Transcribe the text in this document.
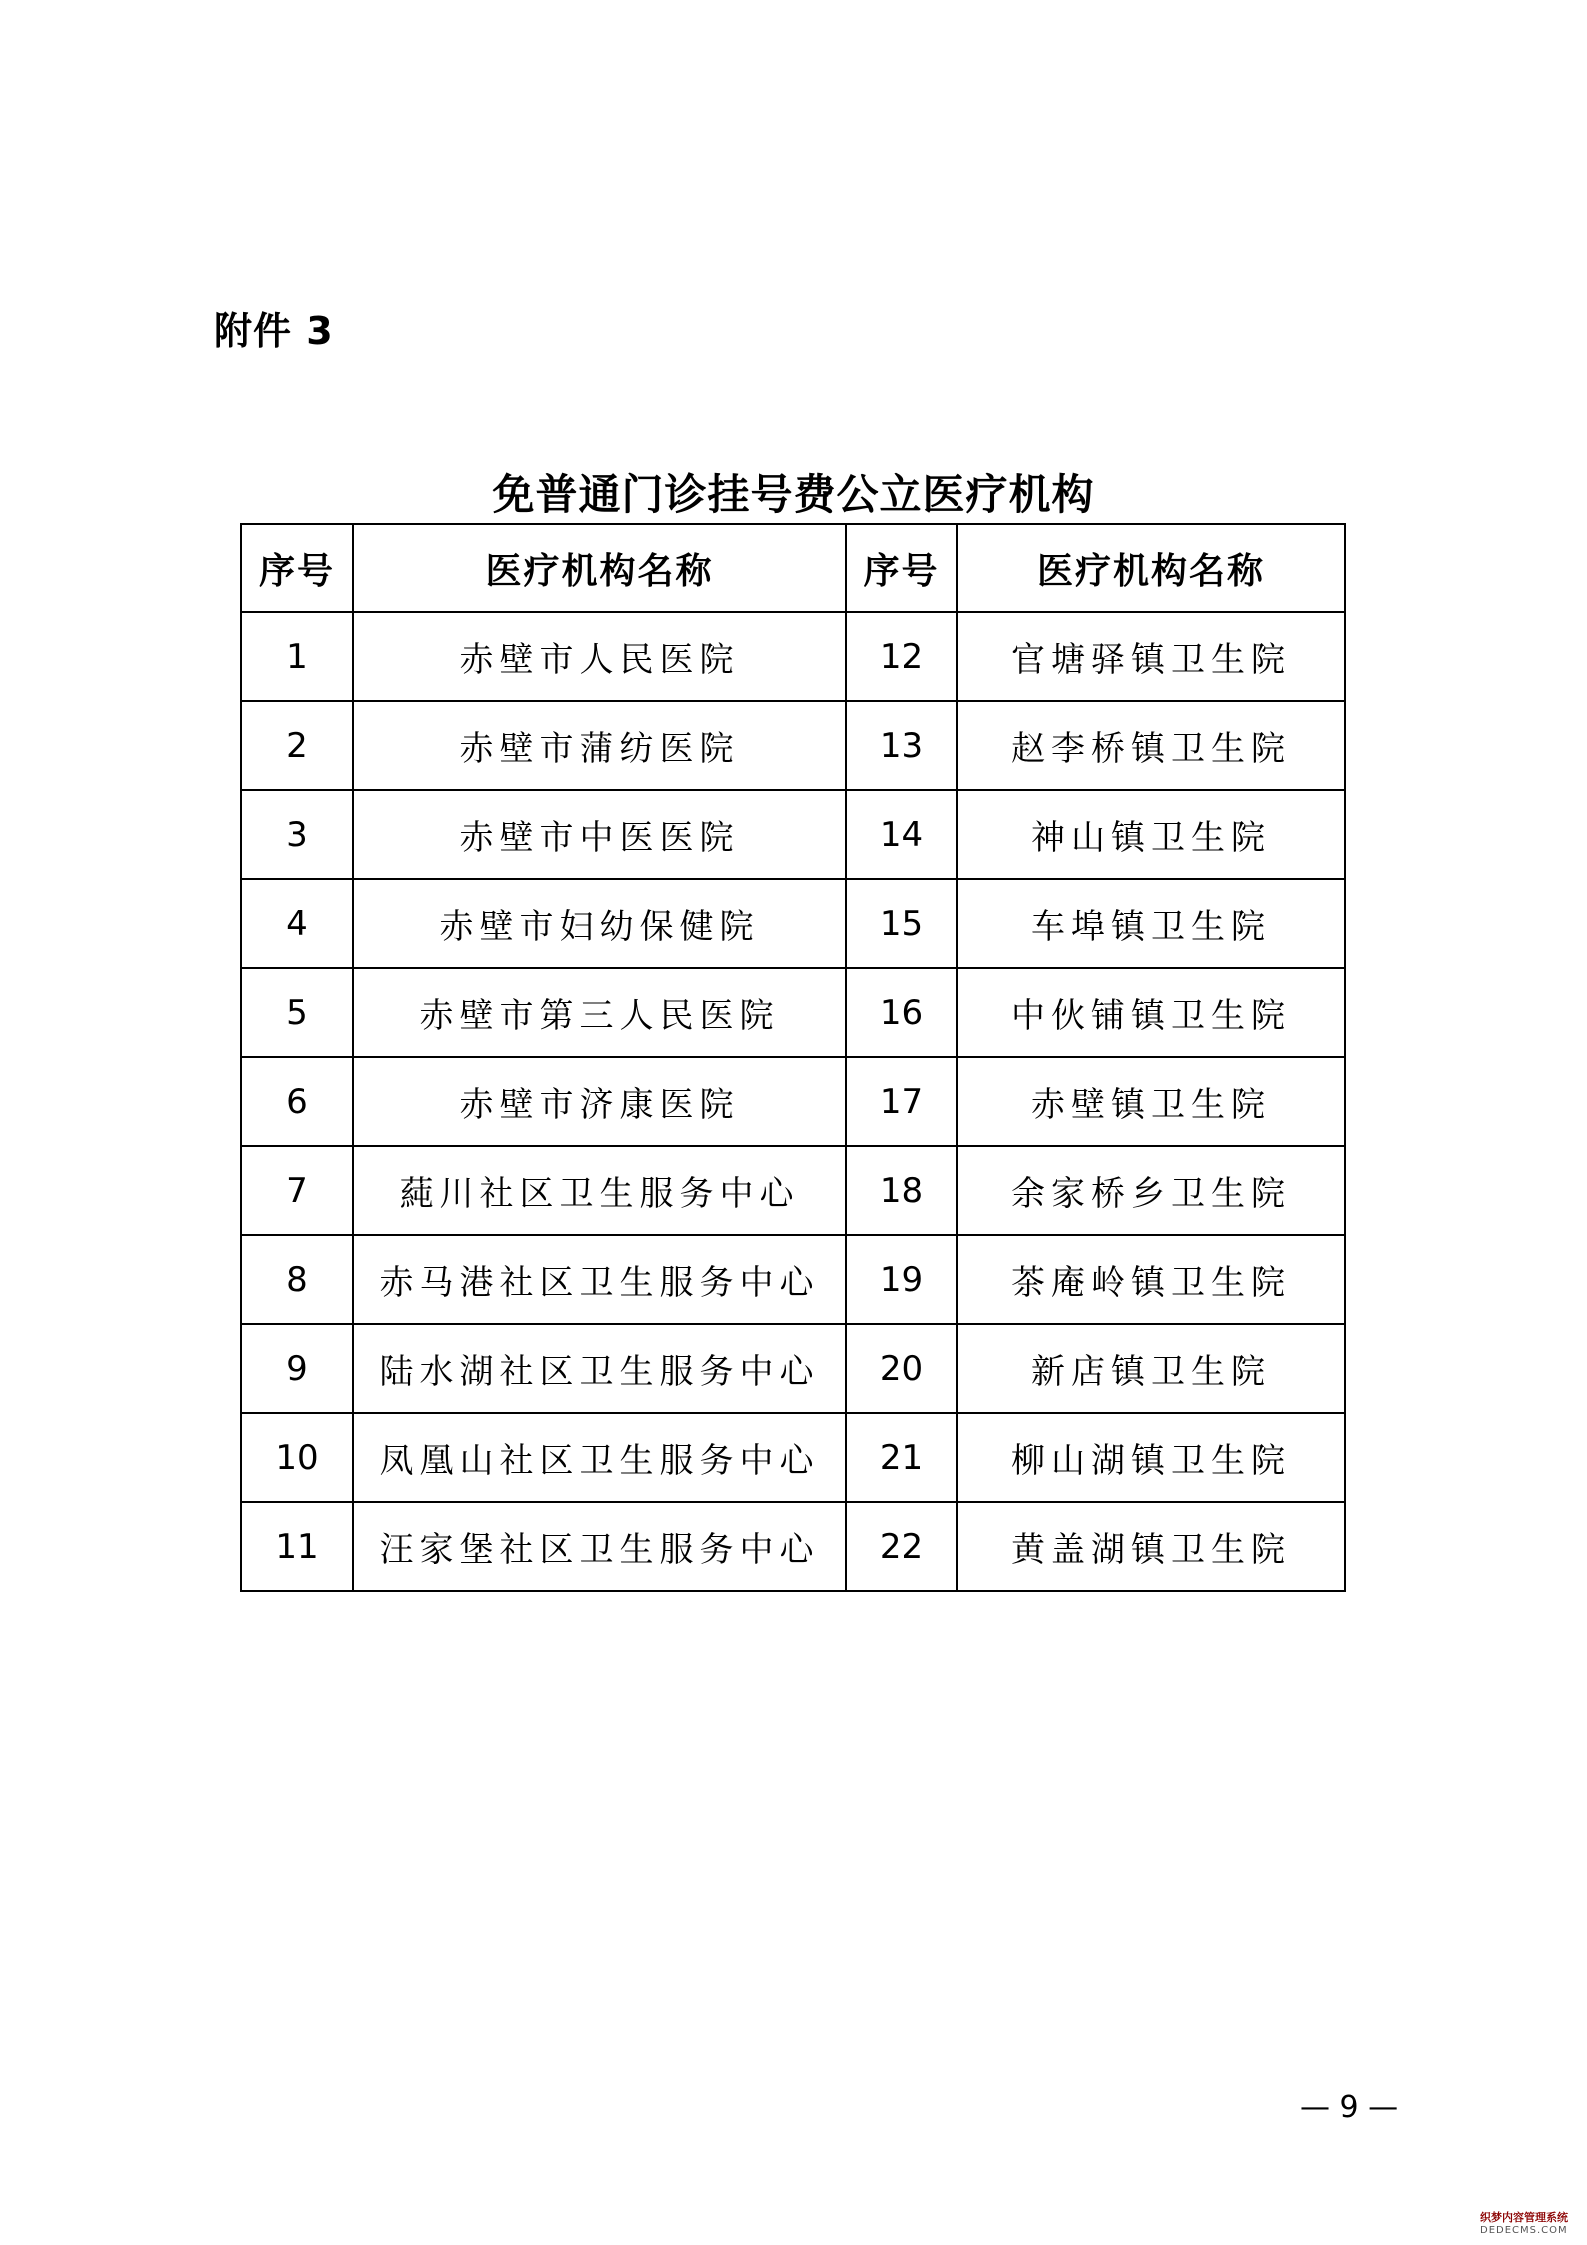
附件 3
免普通门诊挂号费公立医疗机构
序号	医疗机构名称	序号	医疗机构名称
1	赤壁市人民医院	12	官塘驿镇卫生院
2	赤壁市蒲纺医院	13	赵李桥镇卫生院
3	赤壁市中医医院	14	神山镇卫生院
4	赤壁市妇幼保健院	15	车埠镇卫生院
5	赤壁市第三人民医院	16	中伙铺镇卫生院
6	赤壁市济康医院	17	赤壁镇卫生院
7	蒓川社区卫生服务中心	18	余家桥乡卫生院
8	赤马港社区卫生服务中心	19	茶庵岭镇卫生院
9	陆水湖社区卫生服务中心	20	新店镇卫生院
10	凤凰山社区卫生服务中心	21	柳山湖镇卫生院
11	汪家堡社区卫生服务中心	22	黄盖湖镇卫生院
— 9 —
织梦内容管理系统
DEDECMS.COM
